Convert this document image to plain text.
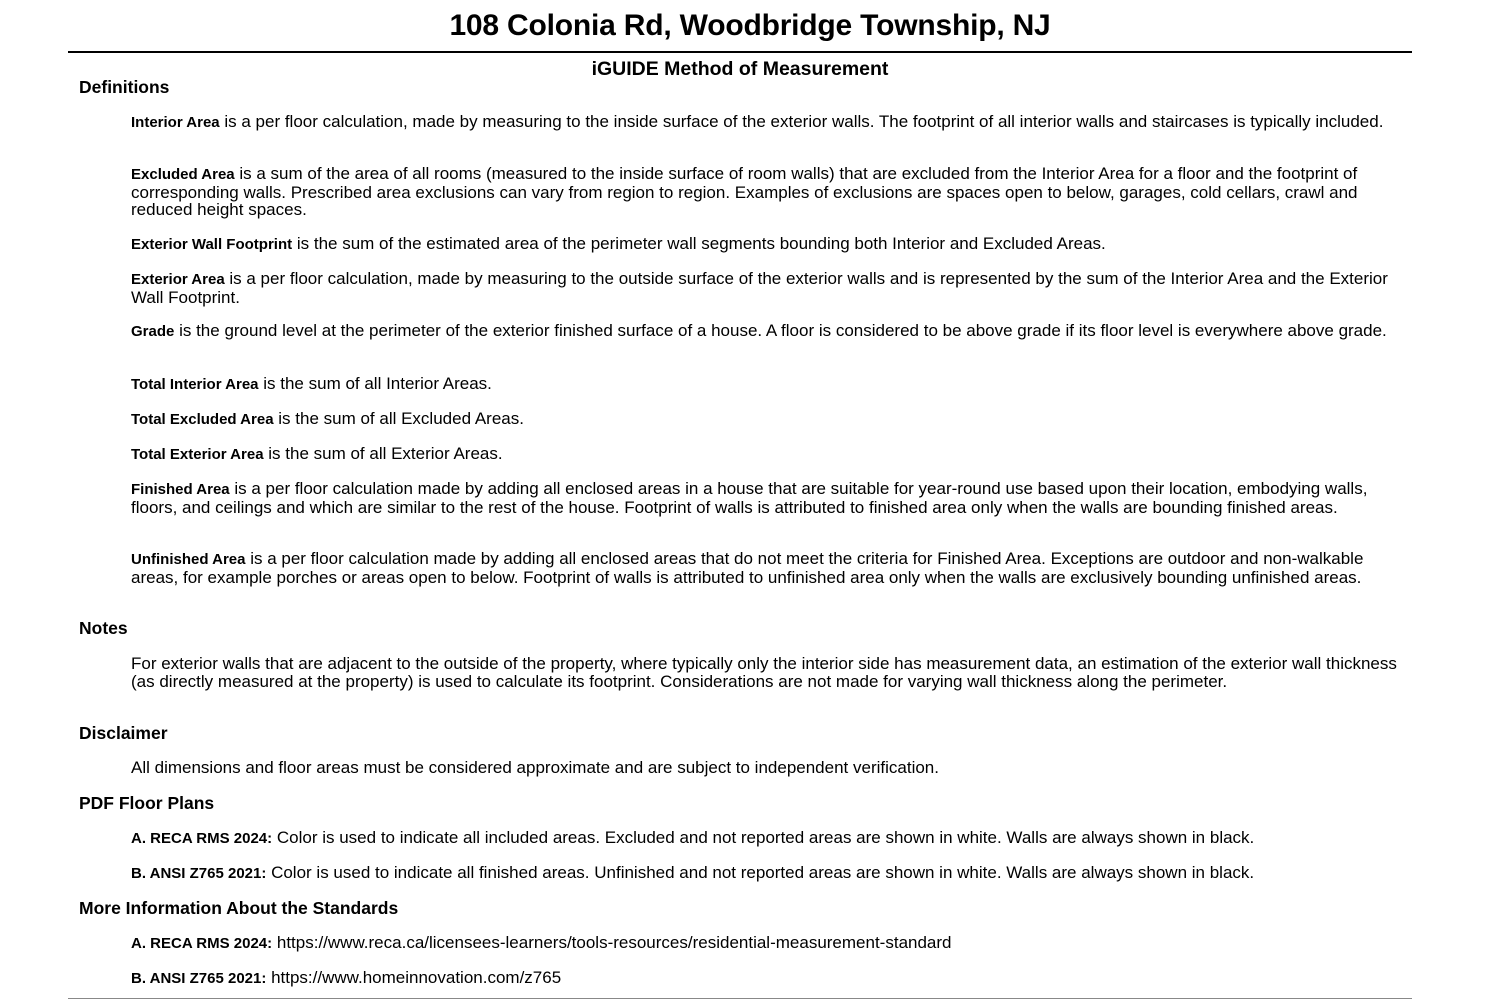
108 Colonia Rd, Woodbridge Township, NJ
iGUIDE Method of Measurement
Definitions

Interior Area is a per floor calculation, made by measuring to the inside surface of the exterior walls. The footprint of all interior walls and staircases is typically included.

Excluded Area is a sum of the area of all rooms (measured to the inside surface of room walls) that are excluded from the Interior Area for a floor and the footprint of corresponding walls. Prescribed area exclusions can vary from region to region. Examples of exclusions are spaces open to below, garages, cold cellars, crawl and reduced height spaces.

Exterior Wall Footprint is the sum of the estimated area of the perimeter wall segments bounding both Interior and Excluded Areas.

Exterior Area is a per floor calculation, made by measuring to the outside surface of the exterior walls and is represented by the sum of the Interior Area and the Exterior Wall Footprint.

Grade is the ground level at the perimeter of the exterior finished surface of a house. A floor is considered to be above grade if its floor level is everywhere above grade.

Total Interior Area is the sum of all Interior Areas.

Total Excluded Area is the sum of all Excluded Areas.

Total Exterior Area is the sum of all Exterior Areas.

Finished Area is a per floor calculation made by adding all enclosed areas in a house that are suitable for year-round use based upon their location, embodying walls, floors, and ceilings and which are similar to the rest of the house. Footprint of walls is attributed to finished area only when the walls are bounding finished areas.

Unfinished Area is a per floor calculation made by adding all enclosed areas that do not meet the criteria for Finished Area. Exceptions are outdoor and non-walkable areas, for example porches or areas open to below. Footprint of walls is attributed to unfinished area only when the walls are exclusively bounding unfinished areas.

Notes

For exterior walls that are adjacent to the outside of the property, where typically only the interior side has measurement data, an estimation of the exterior wall thickness (as directly measured at the property) is used to calculate its footprint. Considerations are not made for varying wall thickness along the perimeter.

Disclaimer

All dimensions and floor areas must be considered approximate and are subject to independent verification.

PDF Floor Plans

A. RECA RMS 2024: Color is used to indicate all included areas. Excluded and not reported areas are shown in white. Walls are always shown in black.

B. ANSI Z765 2021: Color is used to indicate all finished areas. Unfinished and not reported areas are shown in white. Walls are always shown in black.

More Information About the Standards

A. RECA RMS 2024: https://www.reca.ca/licensees-learners/tools-resources/residential-measurement-standard

B. ANSI Z765 2021: https://www.homeinnovation.com/z765
